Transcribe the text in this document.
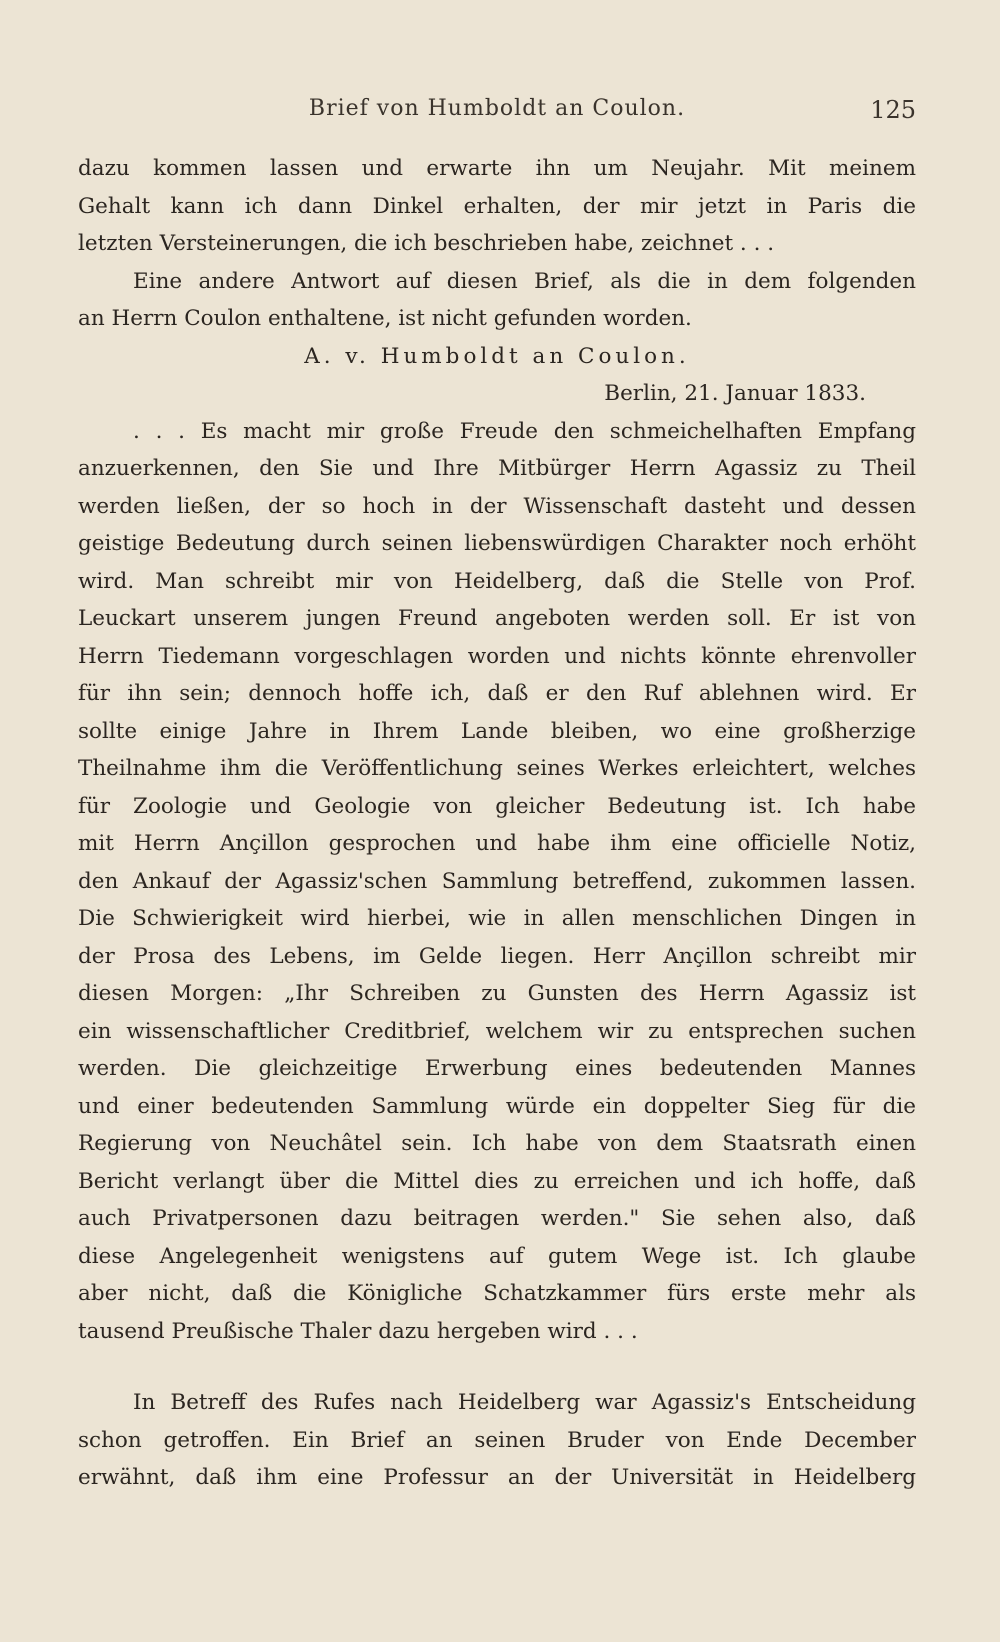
Brief von Humboldt an Coulon.	125
dazu kommen lassen und erwarte ihn um Neujahr. Mit meinem
Gehalt kann ich dann Dinkel erhalten, der mir jetzt in Paris die
letzten Versteinerungen, die ich beschrieben habe, zeichnet . . .
Eine andere Antwort auf diesen Brief, als die in dem folgenden
an Herrn Coulon enthaltene, ist nicht gefunden worden.
A. v. Humboldt an Coulon.
Berlin, 21. Januar 1833.
. . . Es macht mir große Freude den schmeichelhaften Empfang
anzuerkennen, den Sie und Ihre Mitbürger Herrn Agassiz zu Theil
werden ließen, der so hoch in der Wissenschaft dasteht und dessen
geistige Bedeutung durch seinen liebenswürdigen Charakter noch erhöht
wird. Man schreibt mir von Heidelberg, daß die Stelle von Prof.
Leuckart unserem jungen Freund angeboten werden soll. Er ist von
Herrn Tiedemann vorgeschlagen worden und nichts könnte ehrenvoller
für ihn sein; dennoch hoffe ich, daß er den Ruf ablehnen wird. Er
sollte einige Jahre in Ihrem Lande bleiben, wo eine großherzige
Theilnahme ihm die Veröffentlichung seines Werkes erleichtert, welches
für Zoologie und Geologie von gleicher Bedeutung ist. Ich habe
mit Herrn Ançillon gesprochen und habe ihm eine officielle Notiz,
den Ankauf der Agassiz'schen Sammlung betreffend, zukommen lassen.
Die Schwierigkeit wird hierbei, wie in allen menschlichen Dingen in
der Prosa des Lebens, im Gelde liegen. Herr Ançillon schreibt mir
diesen Morgen: „Ihr Schreiben zu Gunsten des Herrn Agassiz ist
ein wissenschaftlicher Creditbrief, welchem wir zu entsprechen suchen
werden. Die gleichzeitige Erwerbung eines bedeutenden Mannes
und einer bedeutenden Sammlung würde ein doppelter Sieg für die
Regierung von Neuchâtel sein. Ich habe von dem Staatsrath einen
Bericht verlangt über die Mittel dies zu erreichen und ich hoffe, daß
auch Privatpersonen dazu beitragen werden." Sie sehen also, daß
diese Angelegenheit wenigstens auf gutem Wege ist. Ich glaube
aber nicht, daß die Königliche Schatzkammer fürs erste mehr als
tausend Preußische Thaler dazu hergeben wird . . .
In Betreff des Rufes nach Heidelberg war Agassiz's Entscheidung
schon getroffen. Ein Brief an seinen Bruder von Ende December
erwähnt, daß ihm eine Professur an der Universität in Heidelberg
